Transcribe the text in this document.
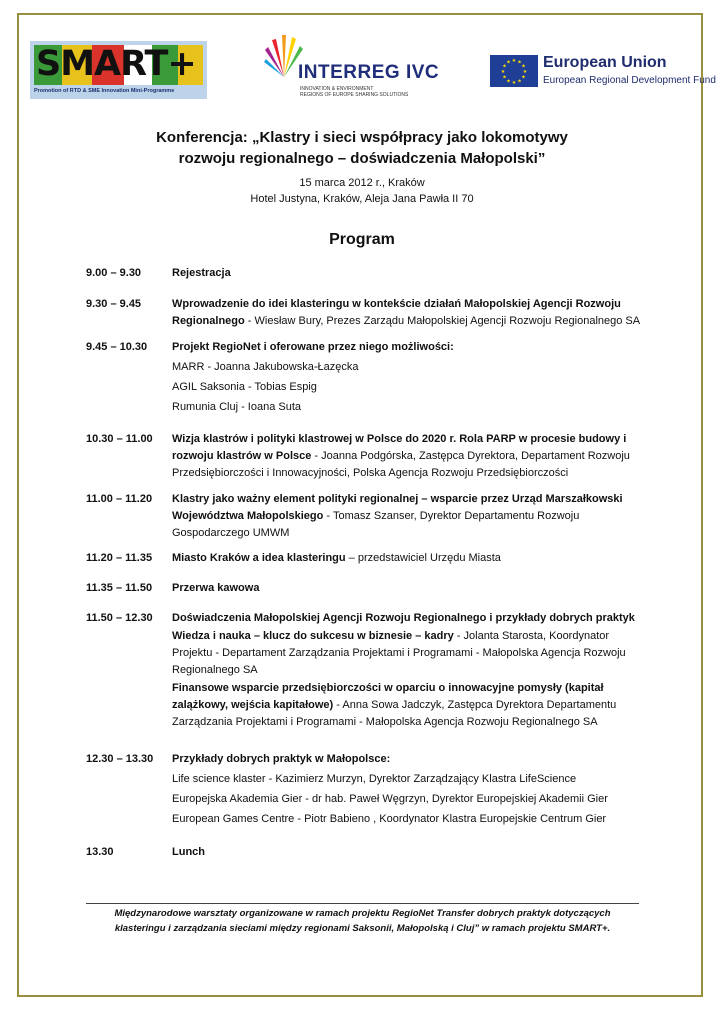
SMART+
Promotion of RTD & SME Innovation Mini-Programme
INTERREG IVC
INNOVATION & ENVIRONMENT
REGIONS OF EUROPE SHARING SOLUTIONS
★ ★
★
★
★
★
★
★
★
★
★
★ European Union
European Regional Development Fund
Konferencja: „Klastry i sieci współpracy jako lokomotywy
rozwoju regionalnego – doświadczenia Małopolski”
15 marca 2012 r., Kraków
Hotel Justyna, Kraków, Aleja Jana Pawła II 70
Program
9.00 – 9.30	Rejestracja
9.30 – 9.45	Wprowadzenie do idei klasteringu w kontekście działań Małopolskiej Agencji Rozwoju Regionalnego - Wiesław Bury, Prezes Zarządu Małopolskiej Agencji Rozwoju Regionalnego SA
9.45 – 10.30	Projekt RegioNet i oferowane przez niego możliwości:
MARR - Joanna Jakubowska-Łazęcka
AGIL Saksonia - Tobias Espig
Rumunia Cluj - Ioana Suta
10.30 – 11.00	Wizja klastrów i polityki klastrowej w Polsce do 2020 r. Rola PARP w procesie budowy i rozwoju klastrów w Polsce - Joanna Podgórska, Zastępca Dyrektora, Departament Rozwoju Przedsiębiorczości i Innowacyjności, Polska Agencja Rozwoju Przedsiębiorczości
11.00 – 11.20	Klastry jako ważny element polityki regionalnej – wsparcie przez Urząd Marszałkowski Województwa Małopolskiego - Tomasz Szanser, Dyrektor Departamentu Rozwoju Gospodarczego UMWM
11.20 – 11.35	Miasto Kraków a idea klasteringu – przedstawiciel Urzędu Miasta
11.35 – 11.50	Przerwa kawowa
11.50 – 12.30	Doświadczenia Małopolskiej Agencji Rozwoju Regionalnego i przykłady dobrych praktyk
Wiedza i nauka – klucz do sukcesu w biznesie – kadry - Jolanta Starosta, Koordynator Projektu - Departament Zarządzania Projektami i Programami - Małopolska Agencja Rozwoju Regionalnego SA
Finansowe wsparcie przedsiębiorczości w oparciu o innowacyjne pomysły (kapitał zalążkowy, wejścia kapitałowe) - Anna Sowa Jadczyk, Zastępca Dyrektora Departamentu Zarządzania Projektami i Programami - Małopolska Agencja Rozwoju Regionalnego SA
12.30 – 13.30	Przykłady dobrych praktyk w Małopolsce:
Life science klaster - Kazimierz Murzyn, Dyrektor Zarządzający Klastra LifeScience
Europejska Akademia Gier - dr hab. Paweł Węgrzyn, Dyrektor Europejskiej Akademii Gier
European Games Centre - Piotr Babieno , Koordynator Klastra Europejskie Centrum Gier
13.30	Lunch
Międzynarodowe warsztaty organizowane w ramach projektu RegioNet Transfer dobrych praktyk dotyczących
klasteringu i zarządzania sieciami między regionami Saksonii, Małopolską i Cluj” w ramach projektu SMART+.
